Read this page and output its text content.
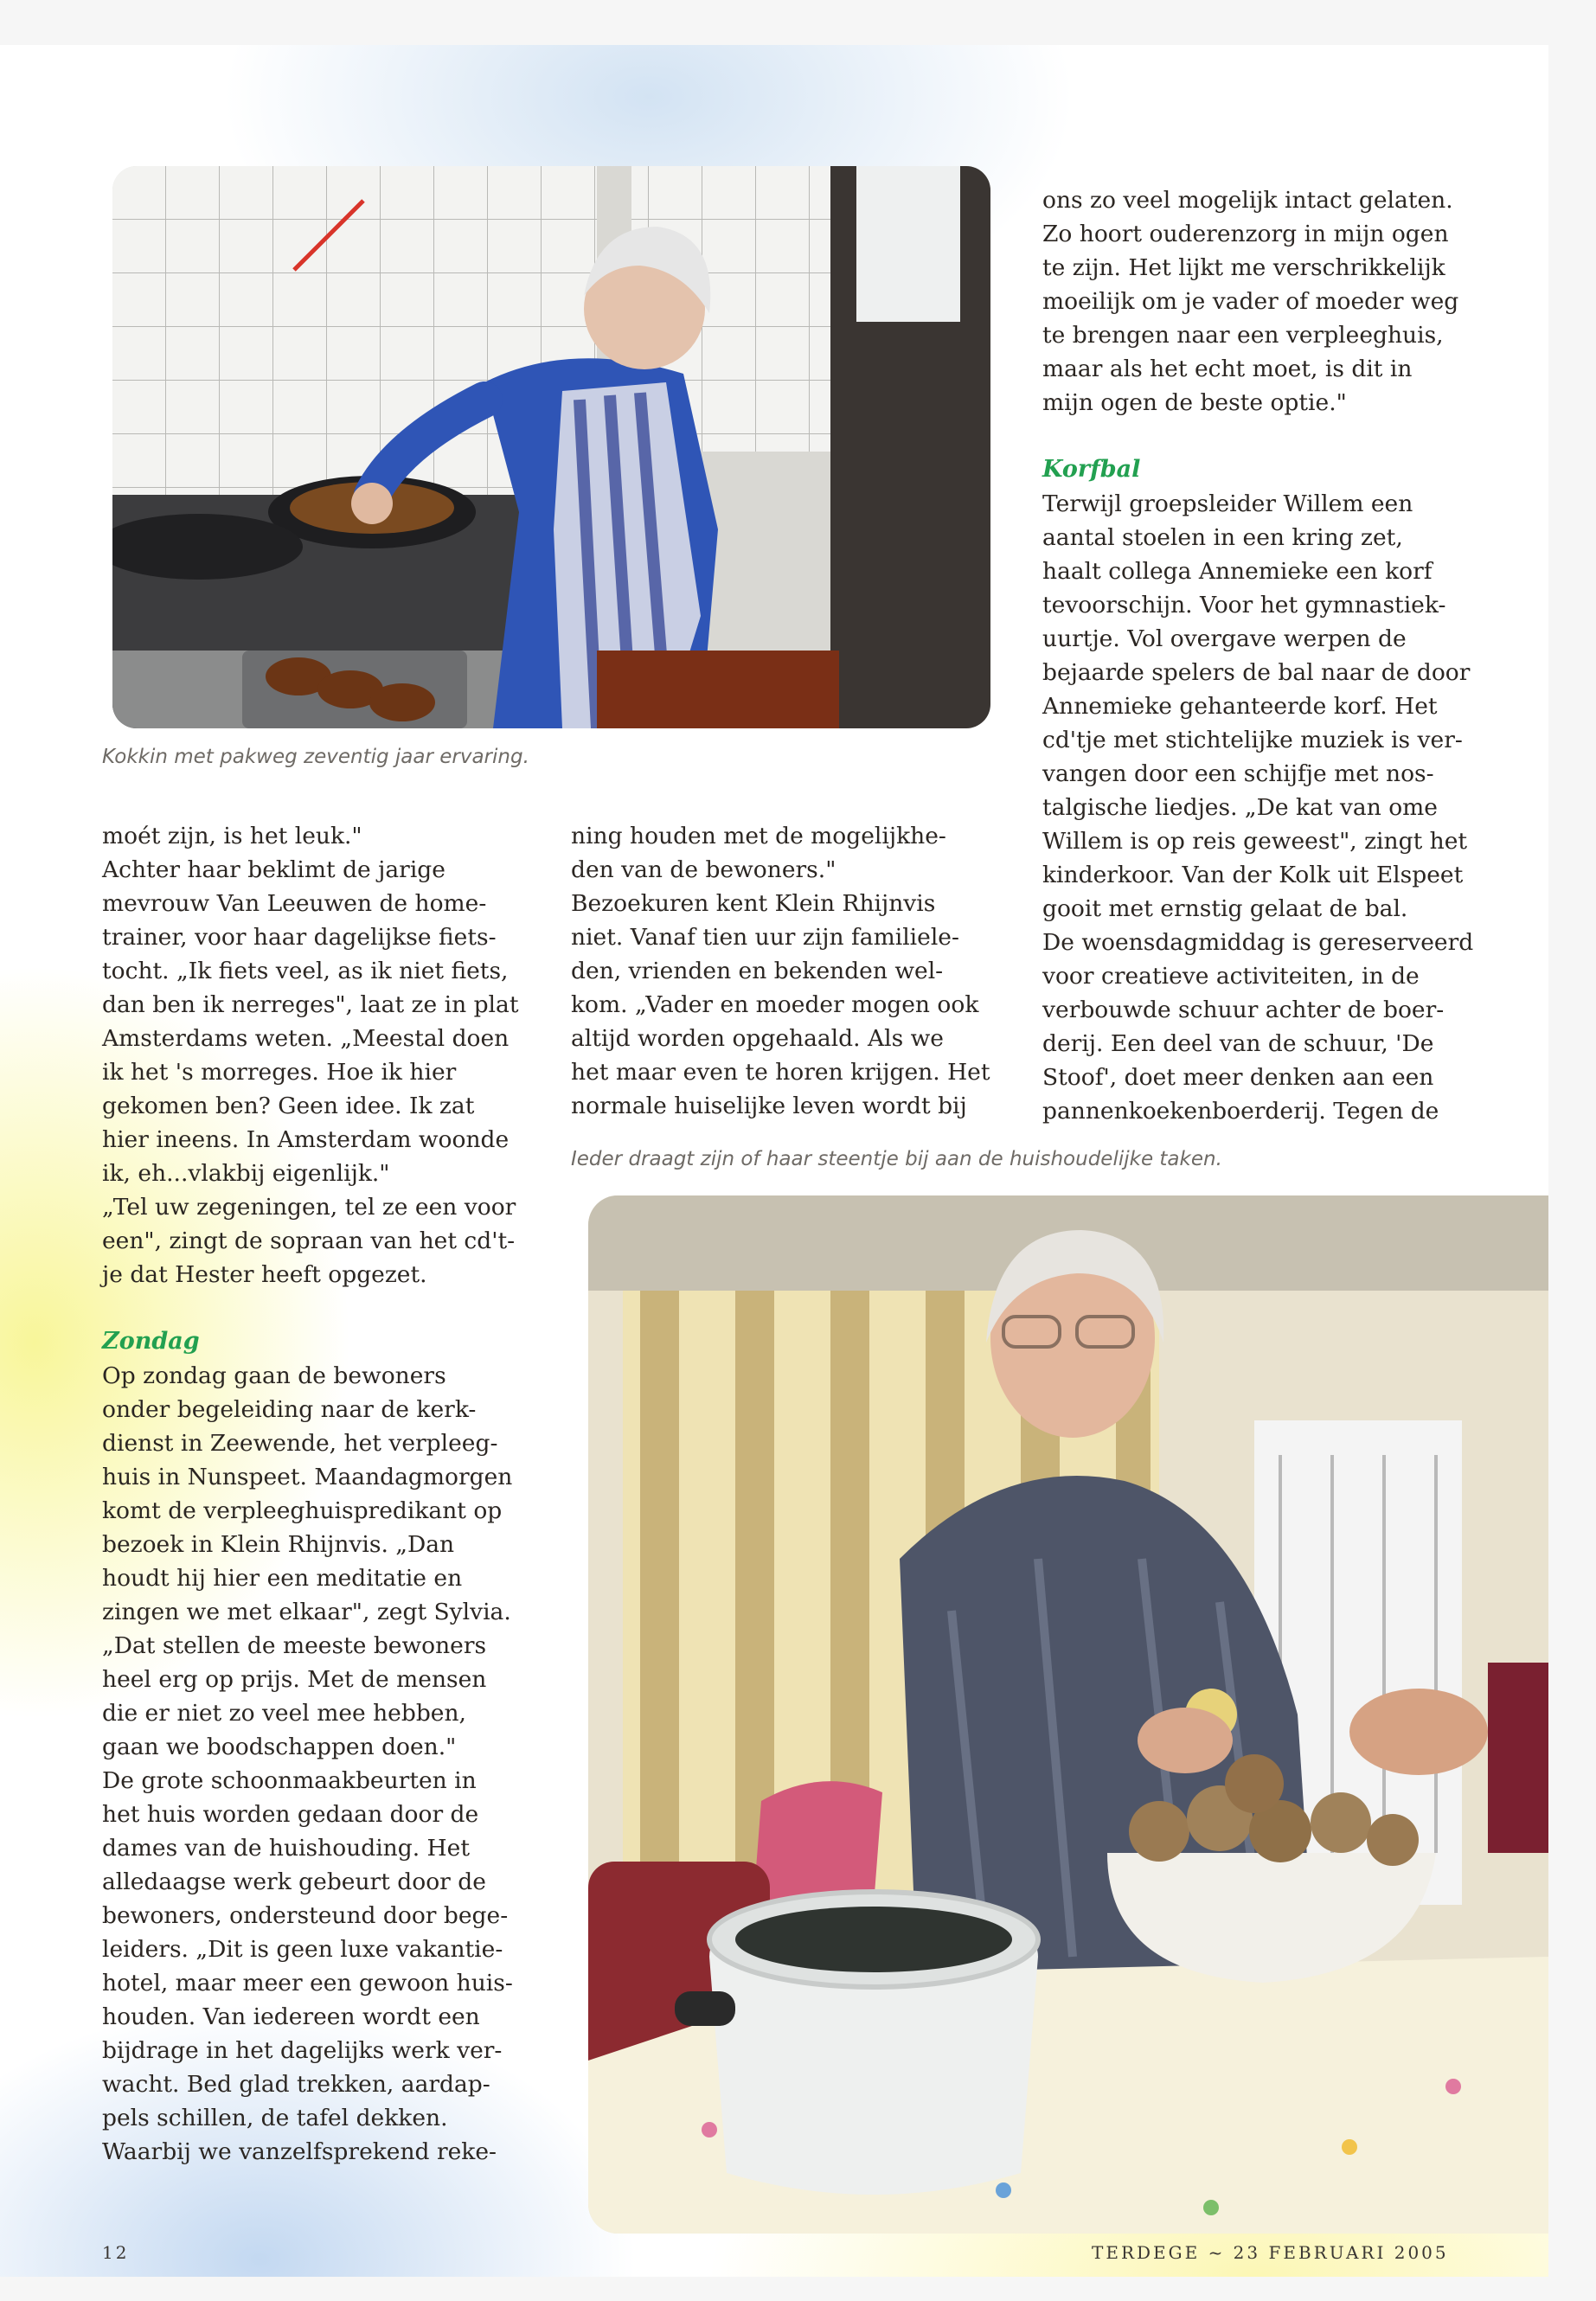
Kokkin met pakweg zeventig jaar ervaring.

ons zo veel mogelijk intact gelaten.

Zo hoort ouderenzorg in mijn ogen

te zijn. Het lijkt me verschrikkelijk

moeilijk om je vader of moeder weg

te brengen naar een verpleeghuis,

maar als het echt moet, is dit in

mijn ogen de beste optie."

Korfbal

Terwijl groepsleider Willem een

aantal stoelen in een kring zet,

haalt collega Annemieke een korf

tevoorschijn. Voor het gymnastiek-

uurtje. Vol overgave werpen de

bejaarde spelers de bal naar de door

Annemieke gehanteerde korf. Het

cd'tje met stichtelijke muziek is ver-

vangen door een schijfje met nos-

talgische liedjes. „De kat van ome

Willem is op reis geweest", zingt het

kinderkoor. Van der Kolk uit Elspeet

gooit met ernstig gelaat de bal.

De woensdagmiddag is gereserveerd

voor creatieve activiteiten, in de

verbouwde schuur achter de boer-

derij. Een deel van de schuur, 'De

Stoof', doet meer denken aan een

pannenkoekenboerderij. Tegen de

moét zijn, is het leuk."

Achter haar beklimt de jarige

mevrouw Van Leeuwen de home-

trainer, voor haar dagelijkse fiets-

tocht. „Ik fiets veel, as ik niet fiets,

dan ben ik nerreges", laat ze in plat

Amsterdams weten. „Meestal doen

ik het 's morreges. Hoe ik hier

gekomen ben? Geen idee. Ik zat

hier ineens. In Amsterdam woonde

ik, eh...vlakbij eigenlijk."

„Tel uw zegeningen, tel ze een voor

een", zingt de sopraan van het cd't-

je dat Hester heeft opgezet.

Zondag

Op zondag gaan de bewoners

onder begeleiding naar de kerk-

dienst in Zeewende, het verpleeg-

huis in Nunspeet. Maandagmorgen

komt de verpleeghuispredikant op

bezoek in Klein Rhijnvis. „Dan

houdt hij hier een meditatie en

zingen we met elkaar", zegt Sylvia.

„Dat stellen de meeste bewoners

heel erg op prijs. Met de mensen

die er niet zo veel mee hebben,

gaan we boodschappen doen."

De grote schoonmaakbeurten in

het huis worden gedaan door de

dames van de huishouding. Het

alledaagse werk gebeurt door de

bewoners, ondersteund door bege-

leiders. „Dit is geen luxe vakantie-

hotel, maar meer een gewoon huis-

houden. Van iedereen wordt een

bijdrage in het dagelijks werk ver-

wacht. Bed glad trekken, aardap-

pels schillen, de tafel dekken.

Waarbij we vanzelfsprekend reke-

ning houden met de mogelijkhe-

den van de bewoners."

Bezoekuren kent Klein Rhijnvis

niet. Vanaf tien uur zijn familiele-

den, vrienden en bekenden wel-

kom. „Vader en moeder mogen ook

altijd worden opgehaald. Als we

het maar even te horen krijgen. Het

normale huiselijke leven wordt bij

Ieder draagt zijn of haar steentje bij aan de huishoudelijke taken.

12	TERDEGE ~ 23 FEBRUARI 2005
